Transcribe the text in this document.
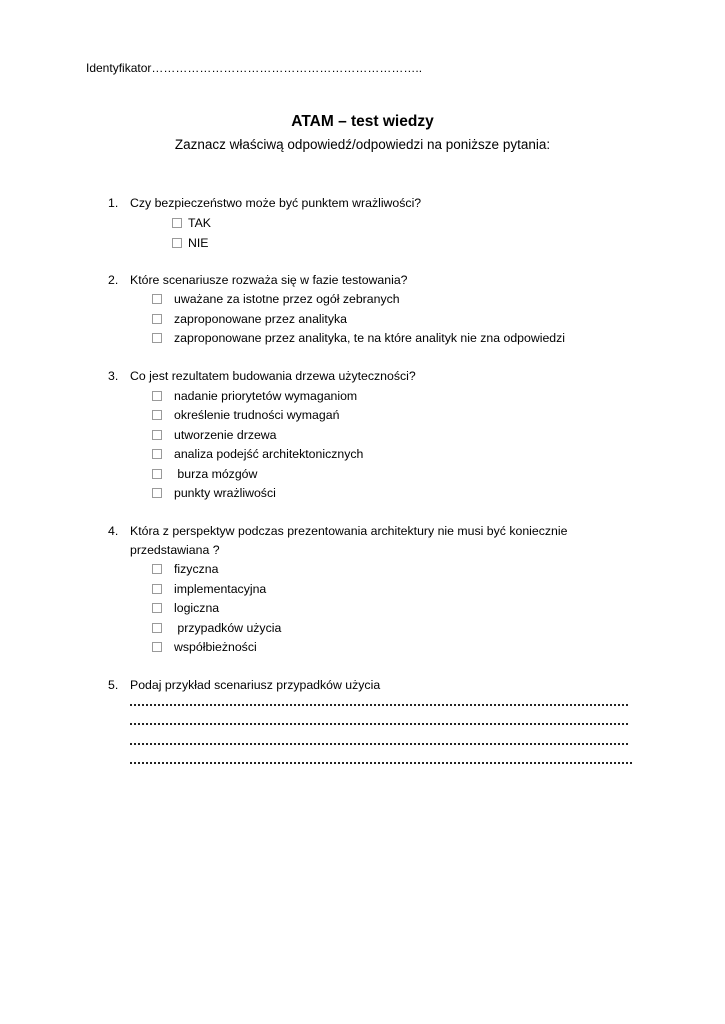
Identyfikator…………………………………………………………..
ATAM – test wiedzy
Zaznacz właściwą odpowiedź/odpowiedzi na poniższe pytania:
1. Czy bezpieczeństwo może być punktem wrażliwości?
TAK
NIE
2. Które scenariusze rozważa się w fazie testowania?
uważane za istotne przez ogół zebranych
zaproponowane przez analityka
zaproponowane przez analityka, te na które analityk nie zna odpowiedzi
3. Co jest rezultatem budowania drzewa użyteczności?
nadanie priorytetów wymaganiom
określenie trudności wymagań
utworzenie drzewa
analiza podejść architektonicznych
burza mózgów
punkty wrażliwości
4. Która z perspektyw podczas prezentowania architektury nie musi być koniecznie
przedstawiana ?
fizyczna
implementacyjna
logiczna
przypadków użycia
współbieżności
5. Podaj przykład scenariusz przypadków użycia
